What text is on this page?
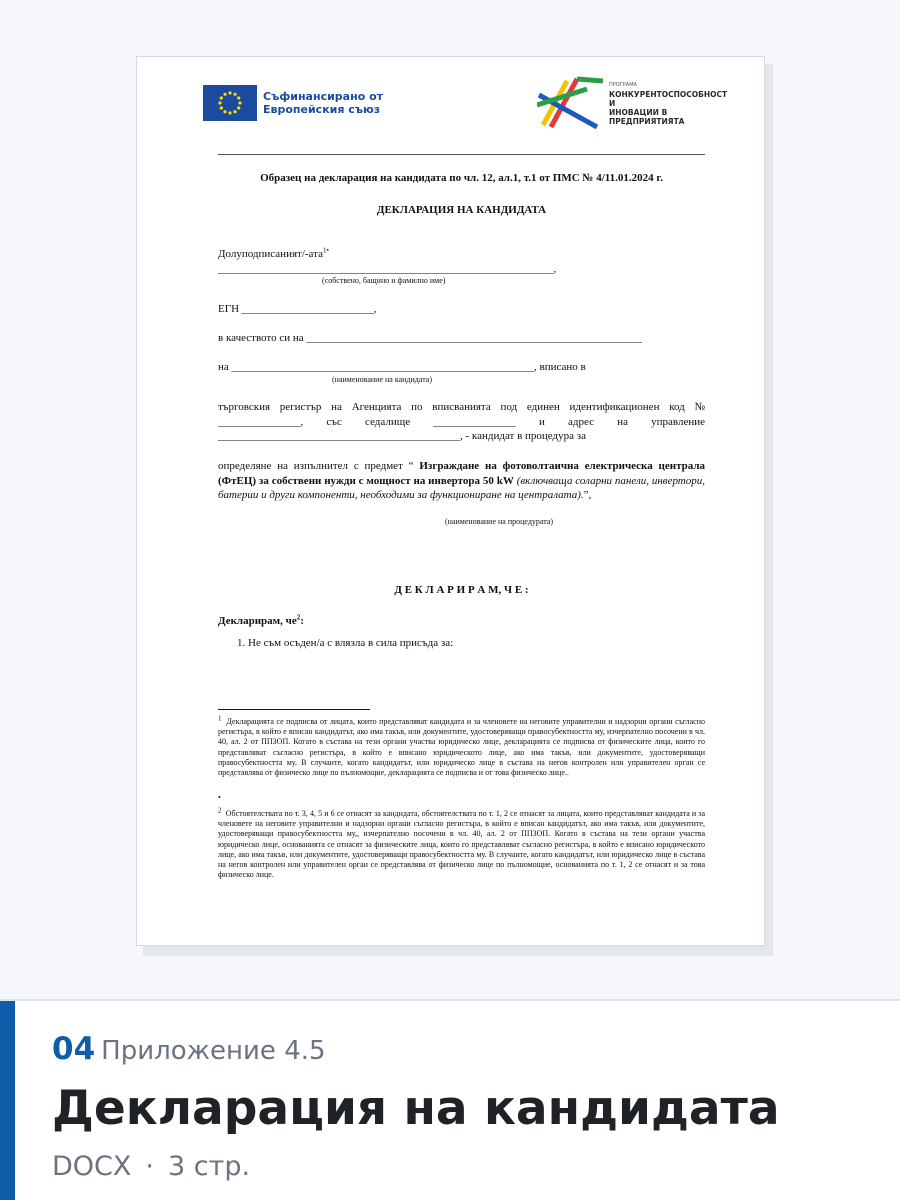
Съфинансирано от
Европейския съюз
ПРОГРАМА
КОНКУРЕНТОСПОСОБНОСТ И
ИНОВАЦИИ В ПРЕДПРИЯТИЯТА
Образец на декларация на кандидата по чл. 12, ал.1, т.1 от ПМС № 4/11.01.2024 г.
ДЕКЛАРАЦИЯ НА КАНДИДАТА
Долуподписаният/-ата$^{1•}$
_____________________________________________________________,
(собствено, бащино и фамилно име)
ЕГН ________________________,
в качеството си на _____________________________________________________________
на _______________________________________________________, вписано в
(наименование на кандидата)
търговския регистър на Агенцията по вписванията под единен идентификационен код № _______________, със седалище _______________ и адрес на управление ____________________________________________, - кандидат в процедура за
определяне на изпълнител с предмет “ Изграждане на фотоволтаична електрическа централа (ФтЕЦ) за собствени нужди с мощност на инвертора 50 kW (включваща соларни панели, инвертори, батерии и други компоненти, необходими за функциониране на централата).”,
(наименование на процедурата)
Д Е К Л А Р И Р А М, Ч Е :
Декларирам, $че^2$:
1. Не съм осъден/а с влязла в сила присъда за:
$^1$ Декларацията се подписва от лицата, които представляват кандидата и за членовете на неговите управителни и надзорни органи съгласно регистъра, в който е вписан кандидатът, ако има такъв, или документите, удостоверяващи правосубектността му, изчерпателно посочени в чл. 40, ал. 2 от ППЗОП. Когато в състава на тези органи участва юридическо лице, декларацията се подписва от физическите лица, които го представляват съгласно регистъра, в който е вписано юридическото лице, ако има такъв, или документите, удостоверяващи правосубектността му. В случаите, когато кандидатът, или юридическо лице в състава на негов контролен или управителен орган се представлява от физическо лице по пълномощие, декларацията се подписва и от това физическо лице..
•
$^2$ Обстоятелствата по т. 3, 4, 5 и 6 се отнасят за кандидата, обстоятелствата по т. 1, 2 се отнасят за лицата, които представляват кандидата и за членовете на неговите управителни и надзорни органи съгласно регистъра, в който е вписан кандидатът, ако има такъв, или документите, удостоверяващи правосубектността му,, изчерпателно посочени в чл. 40, ал. 2 от ППЗОП. Когато в състава на тези органи участва юридическо лице, основанията се отнасят за физическите лица, които го представляват съгласно регистъра, в който е вписано юридическото лице, ако има такъв, или документите, удостоверяващи правосубектността му. В случаите, когато кандидатът, или юридическо лице в състава на негов контролен или управителен орган се представлява от физическо лице по пълномощие, основанията по т. 1, 2 се отнасят и за това физическо лице.
04 Приложение 4.5
Декларация на кандидата
DOCX · 3 стр.
